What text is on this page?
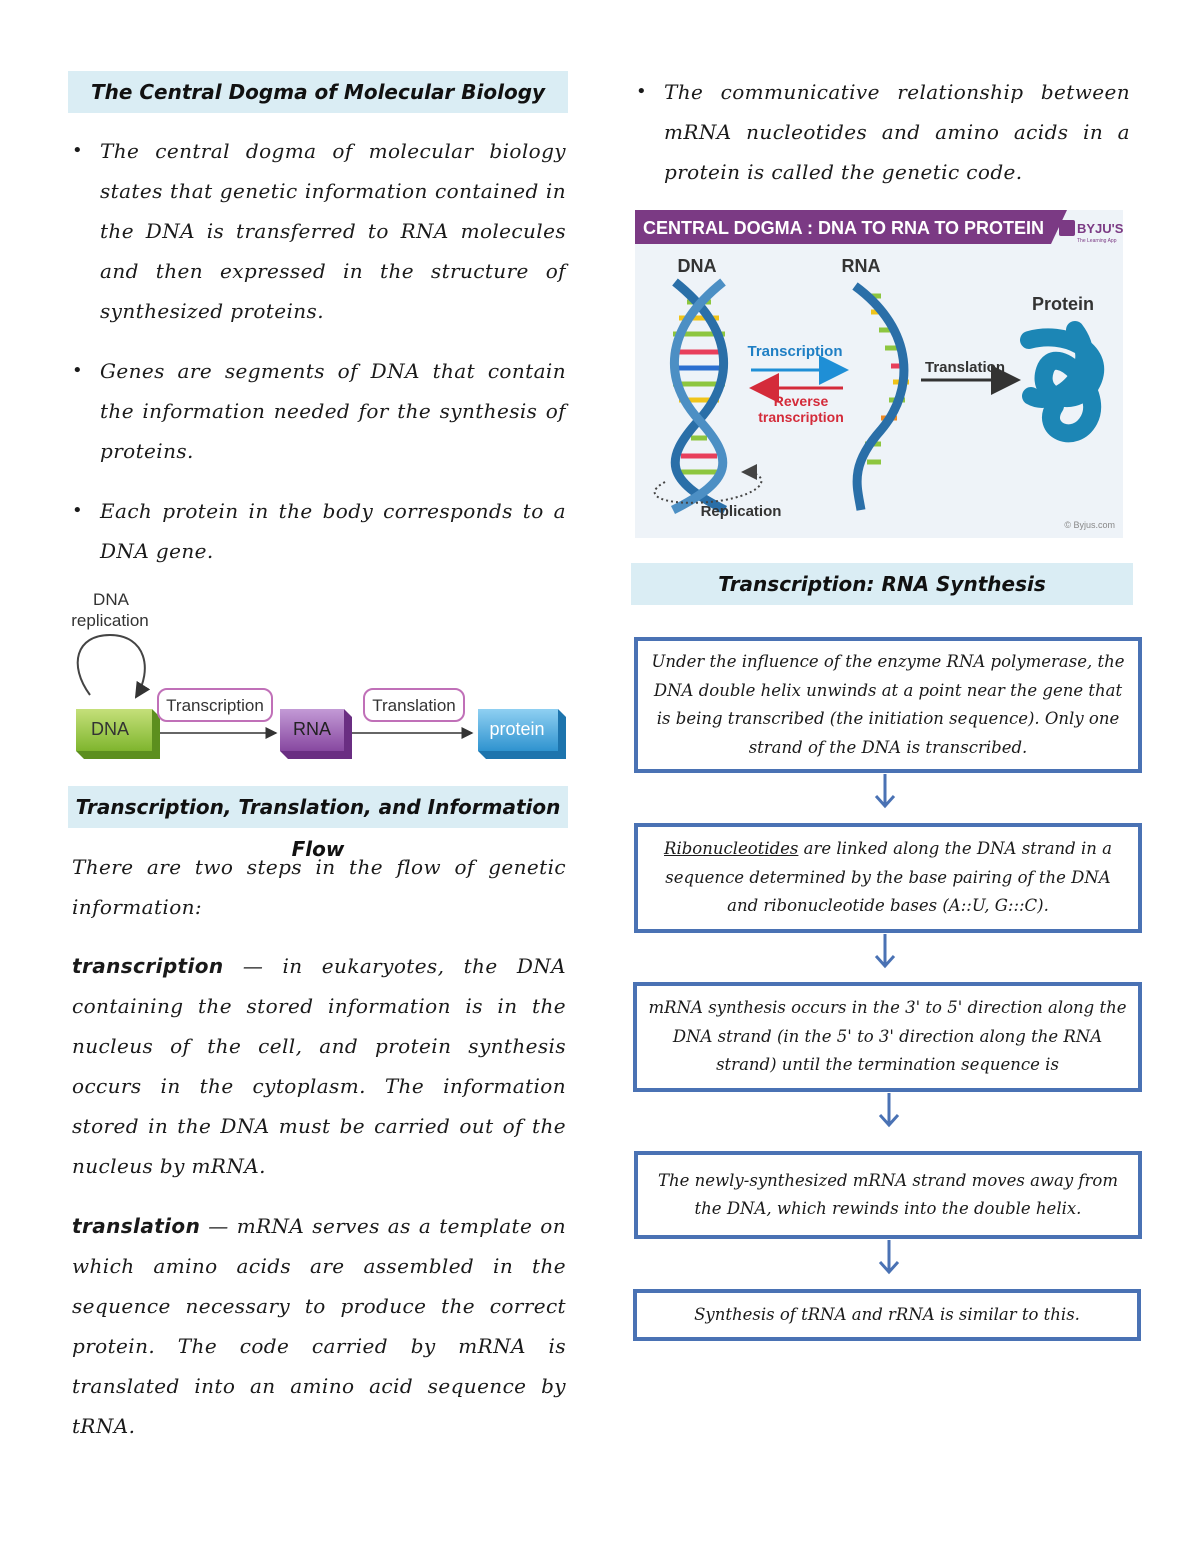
The Central Dogma of Molecular Biology
• The central dogma of molecular biology states that genetic information contained in the DNA is transferred to RNA molecules and then expressed in the structure of synthesized proteins.
• Genes are segments of DNA that contain the information needed for the synthesis of proteins.
• Each protein in the body corresponds to a DNA gene.
DNA
replication
DNA
Transcription
RNA
Translation
protein
Transcription, Translation, and Information Flow

There are two steps in the flow of genetic information:

transcription — in eukaryotes, the DNA containing the stored information is in the nucleus of the cell, and protein synthesis occurs in the cytoplasm. The information stored in the DNA must be carried out of the nucleus by mRNA.

translation — mRNA serves as a template on which amino acids are assembled in the sequence necessary to produce the correct protein. The code carried by mRNA is translated into an amino acid sequence by tRNA.

• The communicative relationship between mRNA nucleotides and amino acids in a protein is called the genetic code.
CENTRAL DOGMA : DNA TO RNA TO PROTEIN	BYJU'S
The Learning App
DNA	RNA
Protein
Replication
Transcription
Reverse
transcription
Translation
© Byjus.com
Transcription: RNA Synthesis
Under the influence of the enzyme RNA polymerase, the DNA double helix unwinds at a point near the gene that is being transcribed (the initiation sequence). Only one strand of the DNA is transcribed.
Ribonucleotides are linked along the DNA strand in a sequence determined by the base pairing of the DNA and ribonucleotide bases (A::U, G:::C).
mRNA synthesis occurs in the 3' to 5' direction along the DNA strand (in the 5' to 3' direction along the RNA strand) until the termination sequence is
The newly-synthesized mRNA strand moves away from the DNA, which rewinds into the double helix.
Synthesis of tRNA and rRNA is similar to this.
